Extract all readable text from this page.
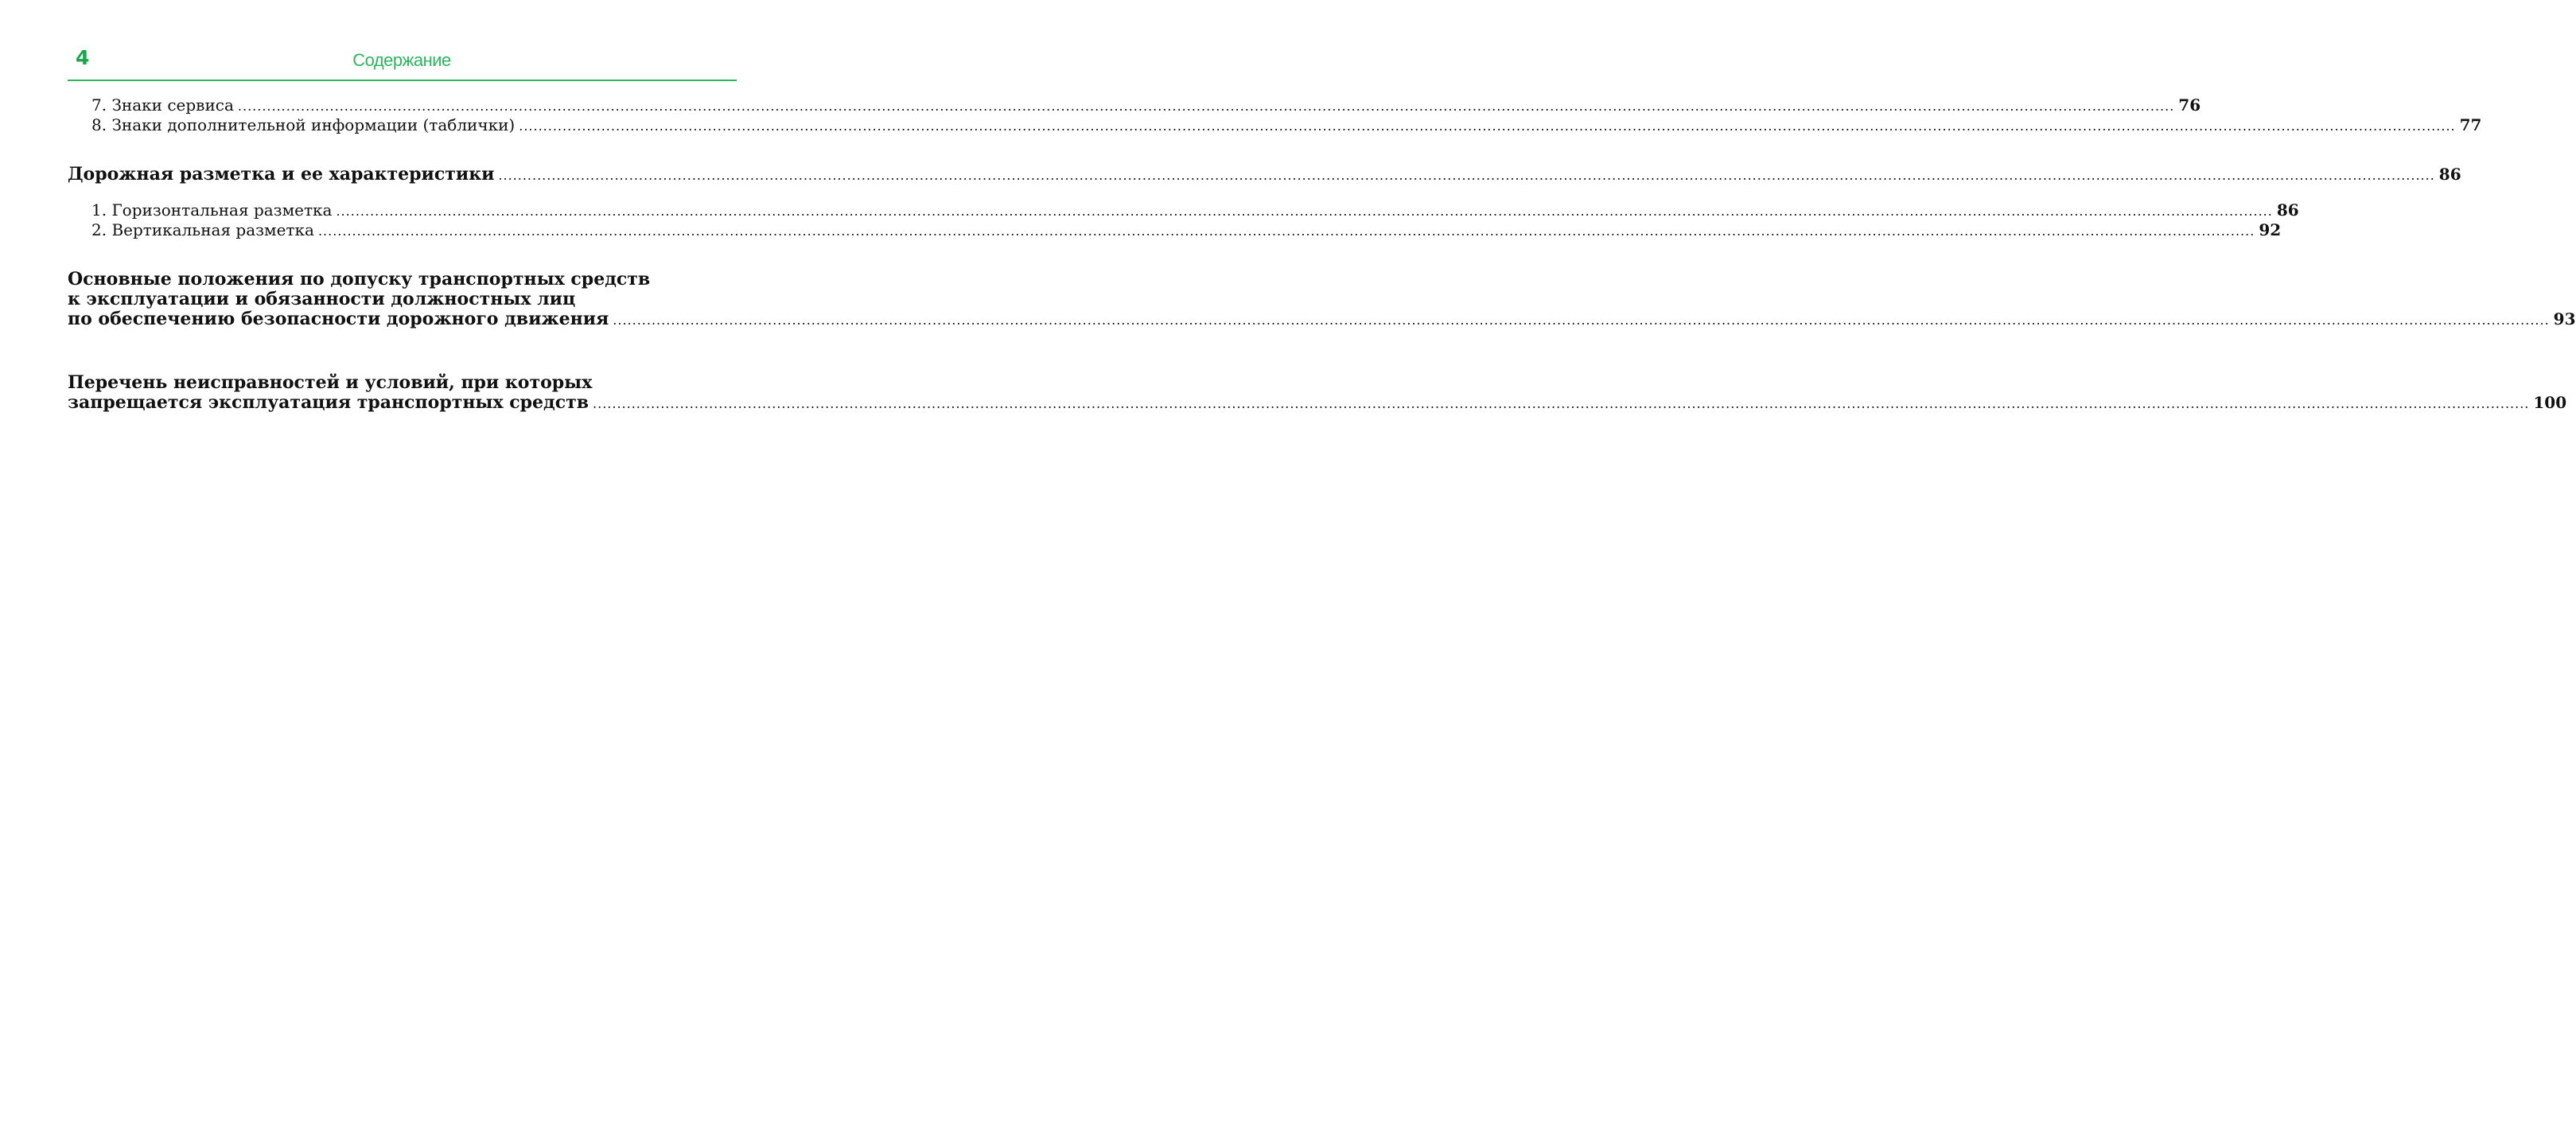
4	Содержание
7. Знаки сервиса ................................................................................................................................................................................................................................................................................................................................................................................................................ 76
8. Знаки дополнительной информации (таблички) ................................................................................................................................................................................................................................................................................................................................................................................................................ 77
Дорожная разметка и ее характеристики ................................................................................................................................................................................................................................................................................................................................................................................................................ 86
1. Горизонтальная разметка ................................................................................................................................................................................................................................................................................................................................................................................................................ 86
2. Вертикальная разметка ................................................................................................................................................................................................................................................................................................................................................................................................................ 92
Основные положения по допуску транспортных средств
к эксплуатации и обязанности должностных лиц
по обеспечению безопасности дорожного движения ................................................................................................................................................................................................................................................................................................................................................................................................................ 93
Перечень неисправностей и условий, при которых
запрещается эксплуатация транспортных средств ................................................................................................................................................................................................................................................................................................................................................................................................................ 100
